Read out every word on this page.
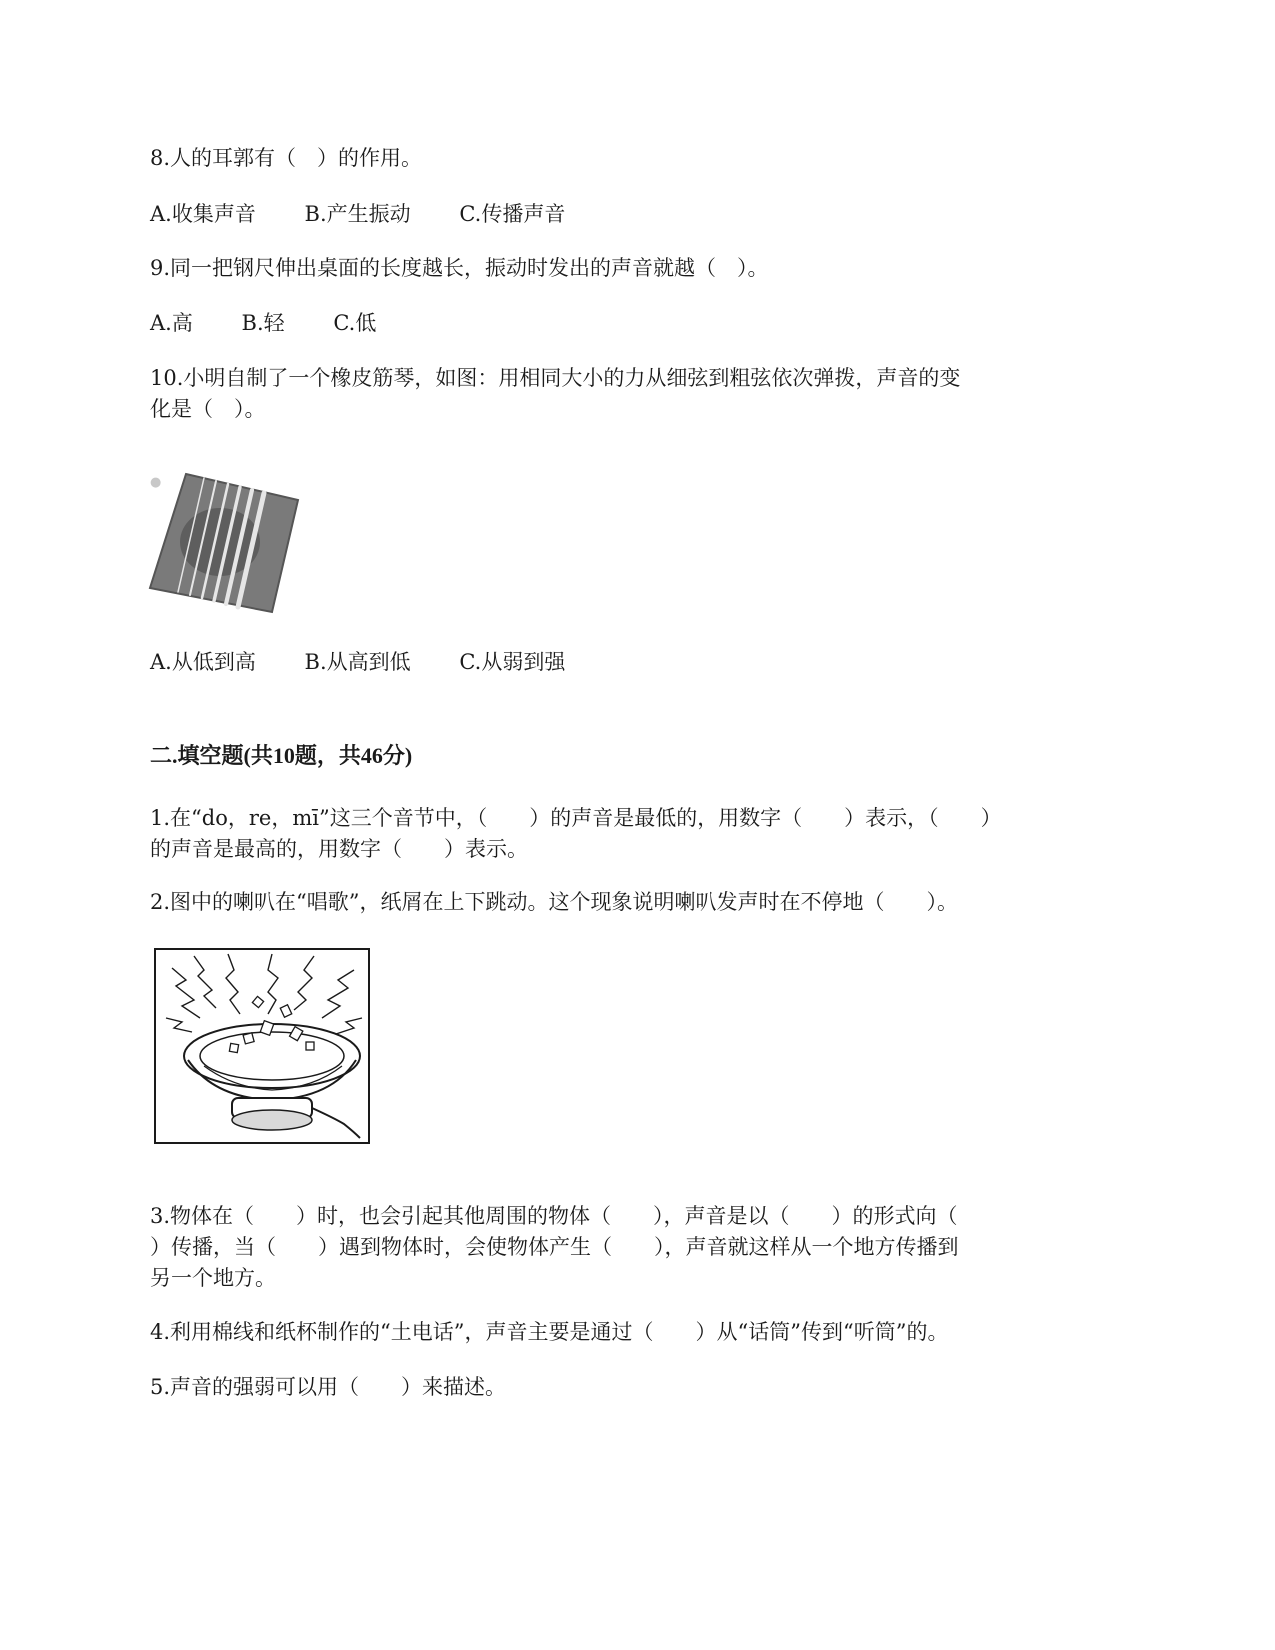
8.人的耳郭有（　）的作用。
A.收集声音 B.产生振动 C.传播声音
9.同一把钢尺伸出桌面的长度越长，振动时发出的声音就越（　）。
A.高 B.轻 C.低
10.小明自制了一个橡皮筋琴，如图：用相同大小的力从细弦到粗弦依次弹拨，声音的变
化是（　）。
●
A.从低到高 B.从高到低 C.从弱到强
二.填空题(共10题，共46分)
1.在“do，re，mī”这三个音节中，（　　）的声音是最低的，用数字（　　）表示，（　　）
的声音是最高的，用数字（　　）表示。
2.图中的喇叭在“唱歌”，纸屑在上下跳动。这个现象说明喇叭发声时在不停地（　　）。
3.物体在（　　）时，也会引起其他周围的物体（　　），声音是以（　　）的形式向（
）传播，当（　　）遇到物体时，会使物体产生（　　），声音就这样从一个地方传播到
另一个地方。
4.利用棉线和纸杯制作的“土电话”，声音主要是通过（　　）从“话筒”传到“听筒”的。
5.声音的强弱可以用（　　）来描述。
